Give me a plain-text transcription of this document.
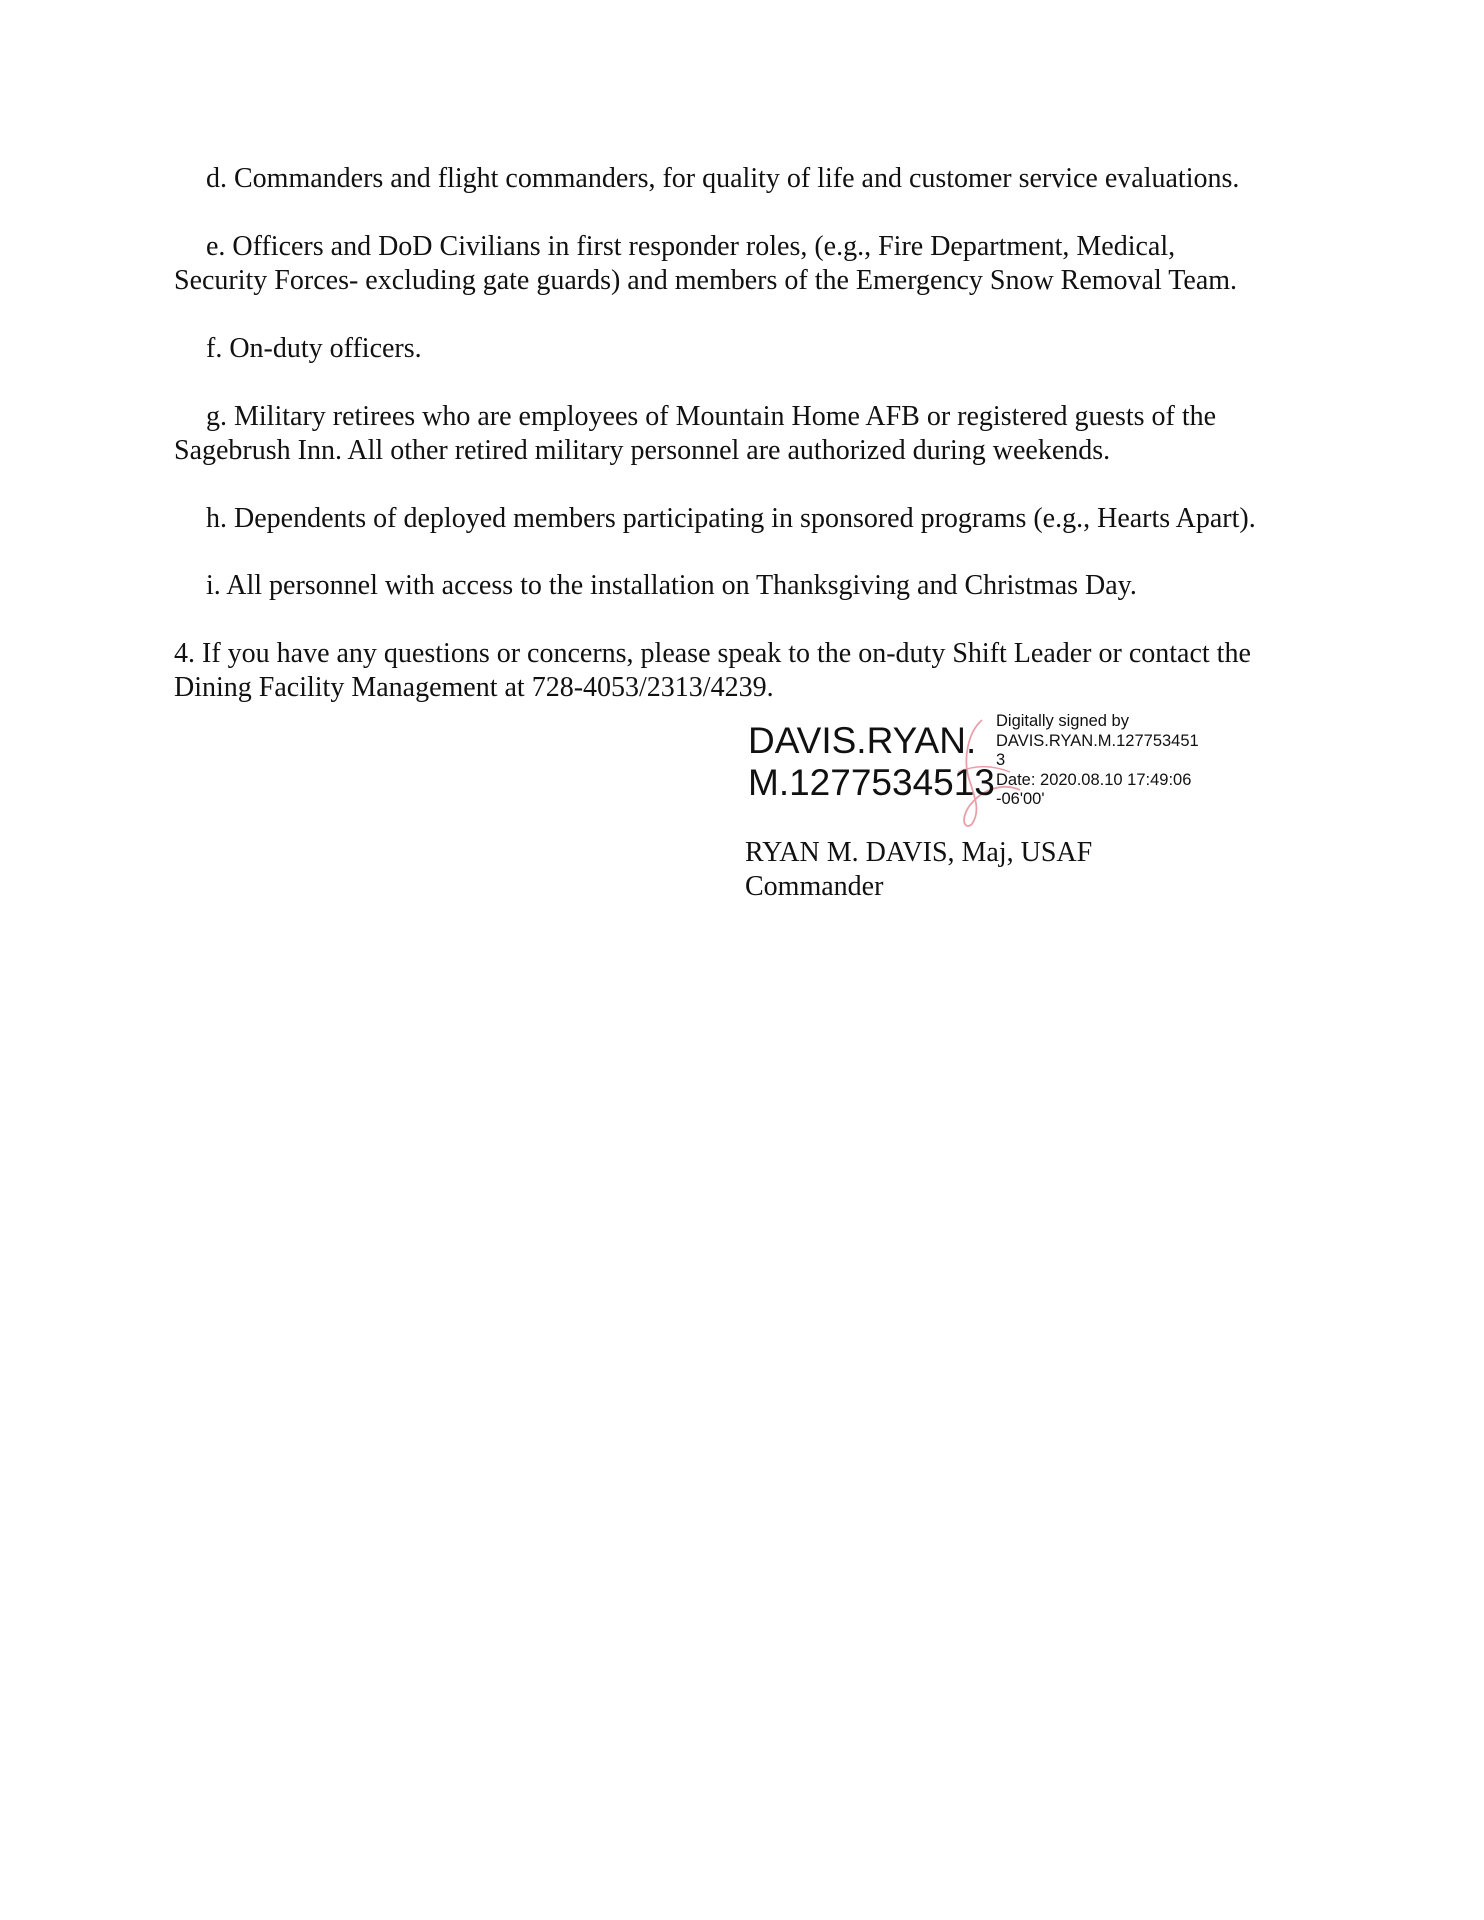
d. Commanders and flight commanders, for quality of life and customer service evaluations.
e. Officers and DoD Civilians in first responder roles, (e.g., Fire Department, Medical,
Security Forces- excluding gate guards) and members of the Emergency Snow Removal Team.
f. On-duty officers.
g. Military retirees who are employees of Mountain Home AFB or registered guests of the
Sagebrush Inn. All other retired military personnel are authorized during weekends.
h. Dependents of deployed members participating in sponsored programs (e.g., Hearts Apart).
i. All personnel with access to the installation on Thanksgiving and Christmas Day.
4. If you have any questions or concerns, please speak to the on-duty Shift Leader or contact the
Dining Facility Management at 728-4053/2313/4239.
DAVIS.RYAN.
M.1277534513
Digitally signed by
DAVIS.RYAN.M.127753451
3
Date: 2020.08.10 17:49:06
-06'00'
RYAN M. DAVIS, Maj, USAF
Commander
